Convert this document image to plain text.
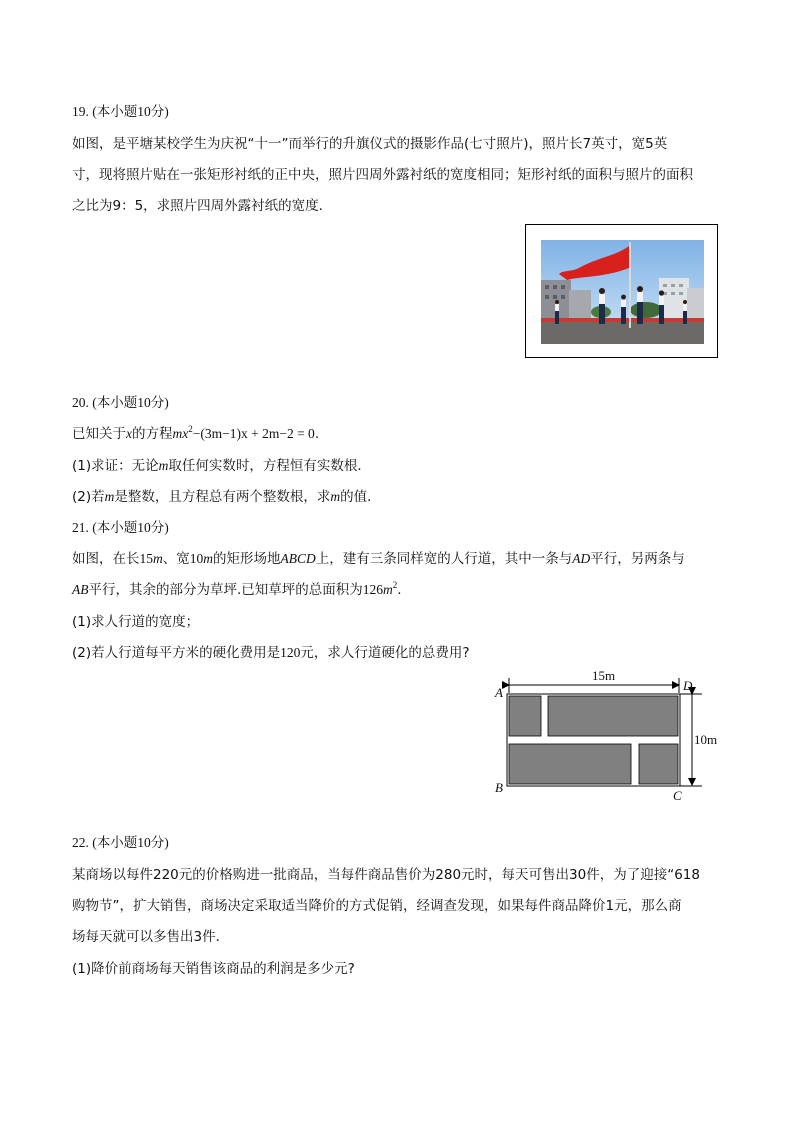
19. (本小题10分)
如图，是平塘某校学生为庆祝“十一”而举行的升旗仪式的摄影作品(七寸照片)，照片长7英寸，宽5英
寸，现将照片贴在一张矩形衬纸的正中央，照片四周外露衬纸的宽度相同；矩形衬纸的面积与照片的面积
之比为9：5，求照片四周外露衬纸的宽度．
20. (本小题10分)
已知关于x的方程$mx^2-(3m-1)x + 2m-2 = 0$.
(1)求证：无论m取任何实数时，方程恒有实数根．
(2)若m是整数，且方程总有两个整数根，求m的值．
21. (本小题10分)
如图，在长15m、宽10m的矩形场地ABCD上，建有三条同样宽的人行道，其中一条与AD平行，另两条与
AB平行，其余的部分为草坪.已知草坪的总面积为$126m^2$.
(1)求人行道的宽度；
(2)若人行道每平方米的硬化费用是120元，求人行道硬化的总费用?
15m
10m
A
B
C
D
22. (本小题10分)
某商场以每件220元的价格购进一批商品，当每件商品售价为280元时，每天可售出30件，为了迎接“618
购物节”，扩大销售，商场决定采取适当降价的方式促销，经调查发现，如果每件商品降价1元，那么商
场每天就可以多售出3件．
(1)降价前商场每天销售该商品的利润是多少元?
